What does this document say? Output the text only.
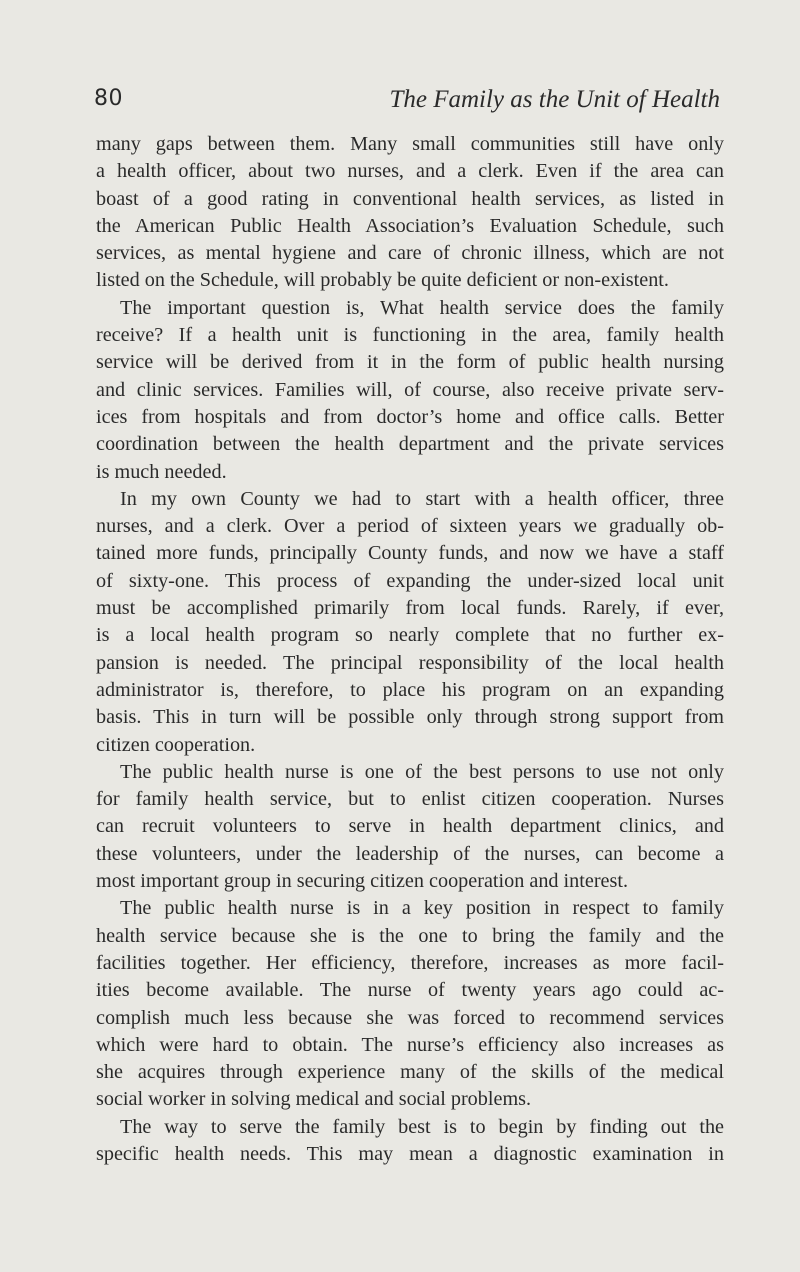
80	The Family as the Unit of Health
many gaps between them. Many small communities still have only
a health officer, about two nurses, and a clerk. Even if the area can
boast of a good rating in conventional health services, as listed in
the American Public Health Association’s Evaluation Schedule, such
services, as mental hygiene and care of chronic illness, which are not
listed on the Schedule, will probably be quite deficient or non-existent.
The important question is, What health service does the family
receive? If a health unit is functioning in the area, family health
service will be derived from it in the form of public health nursing
and clinic services. Families will, of course, also receive private serv-
ices from hospitals and from doctor’s home and office calls. Better
coordination between the health department and the private services
is much needed.
In my own County we had to start with a health officer, three
nurses, and a clerk. Over a period of sixteen years we gradually ob-
tained more funds, principally County funds, and now we have a staff
of sixty-one. This process of expanding the under-sized local unit
must be accomplished primarily from local funds. Rarely, if ever,
is a local health program so nearly complete that no further ex-
pansion is needed. The principal responsibility of the local health
administrator is, therefore, to place his program on an expanding
basis. This in turn will be possible only through strong support from
citizen cooperation.
The public health nurse is one of the best persons to use not only
for family health service, but to enlist citizen cooperation. Nurses
can recruit volunteers to serve in health department clinics, and
these volunteers, under the leadership of the nurses, can become a
most important group in securing citizen cooperation and interest.
The public health nurse is in a key position in respect to family
health service because she is the one to bring the family and the
facilities together. Her efficiency, therefore, increases as more facil-
ities become available. The nurse of twenty years ago could ac-
complish much less because she was forced to recommend services
which were hard to obtain. The nurse’s efficiency also increases as
she acquires through experience many of the skills of the medical
social worker in solving medical and social problems.
The way to serve the family best is to begin by finding out the
specific health needs. This may mean a diagnostic examination in
